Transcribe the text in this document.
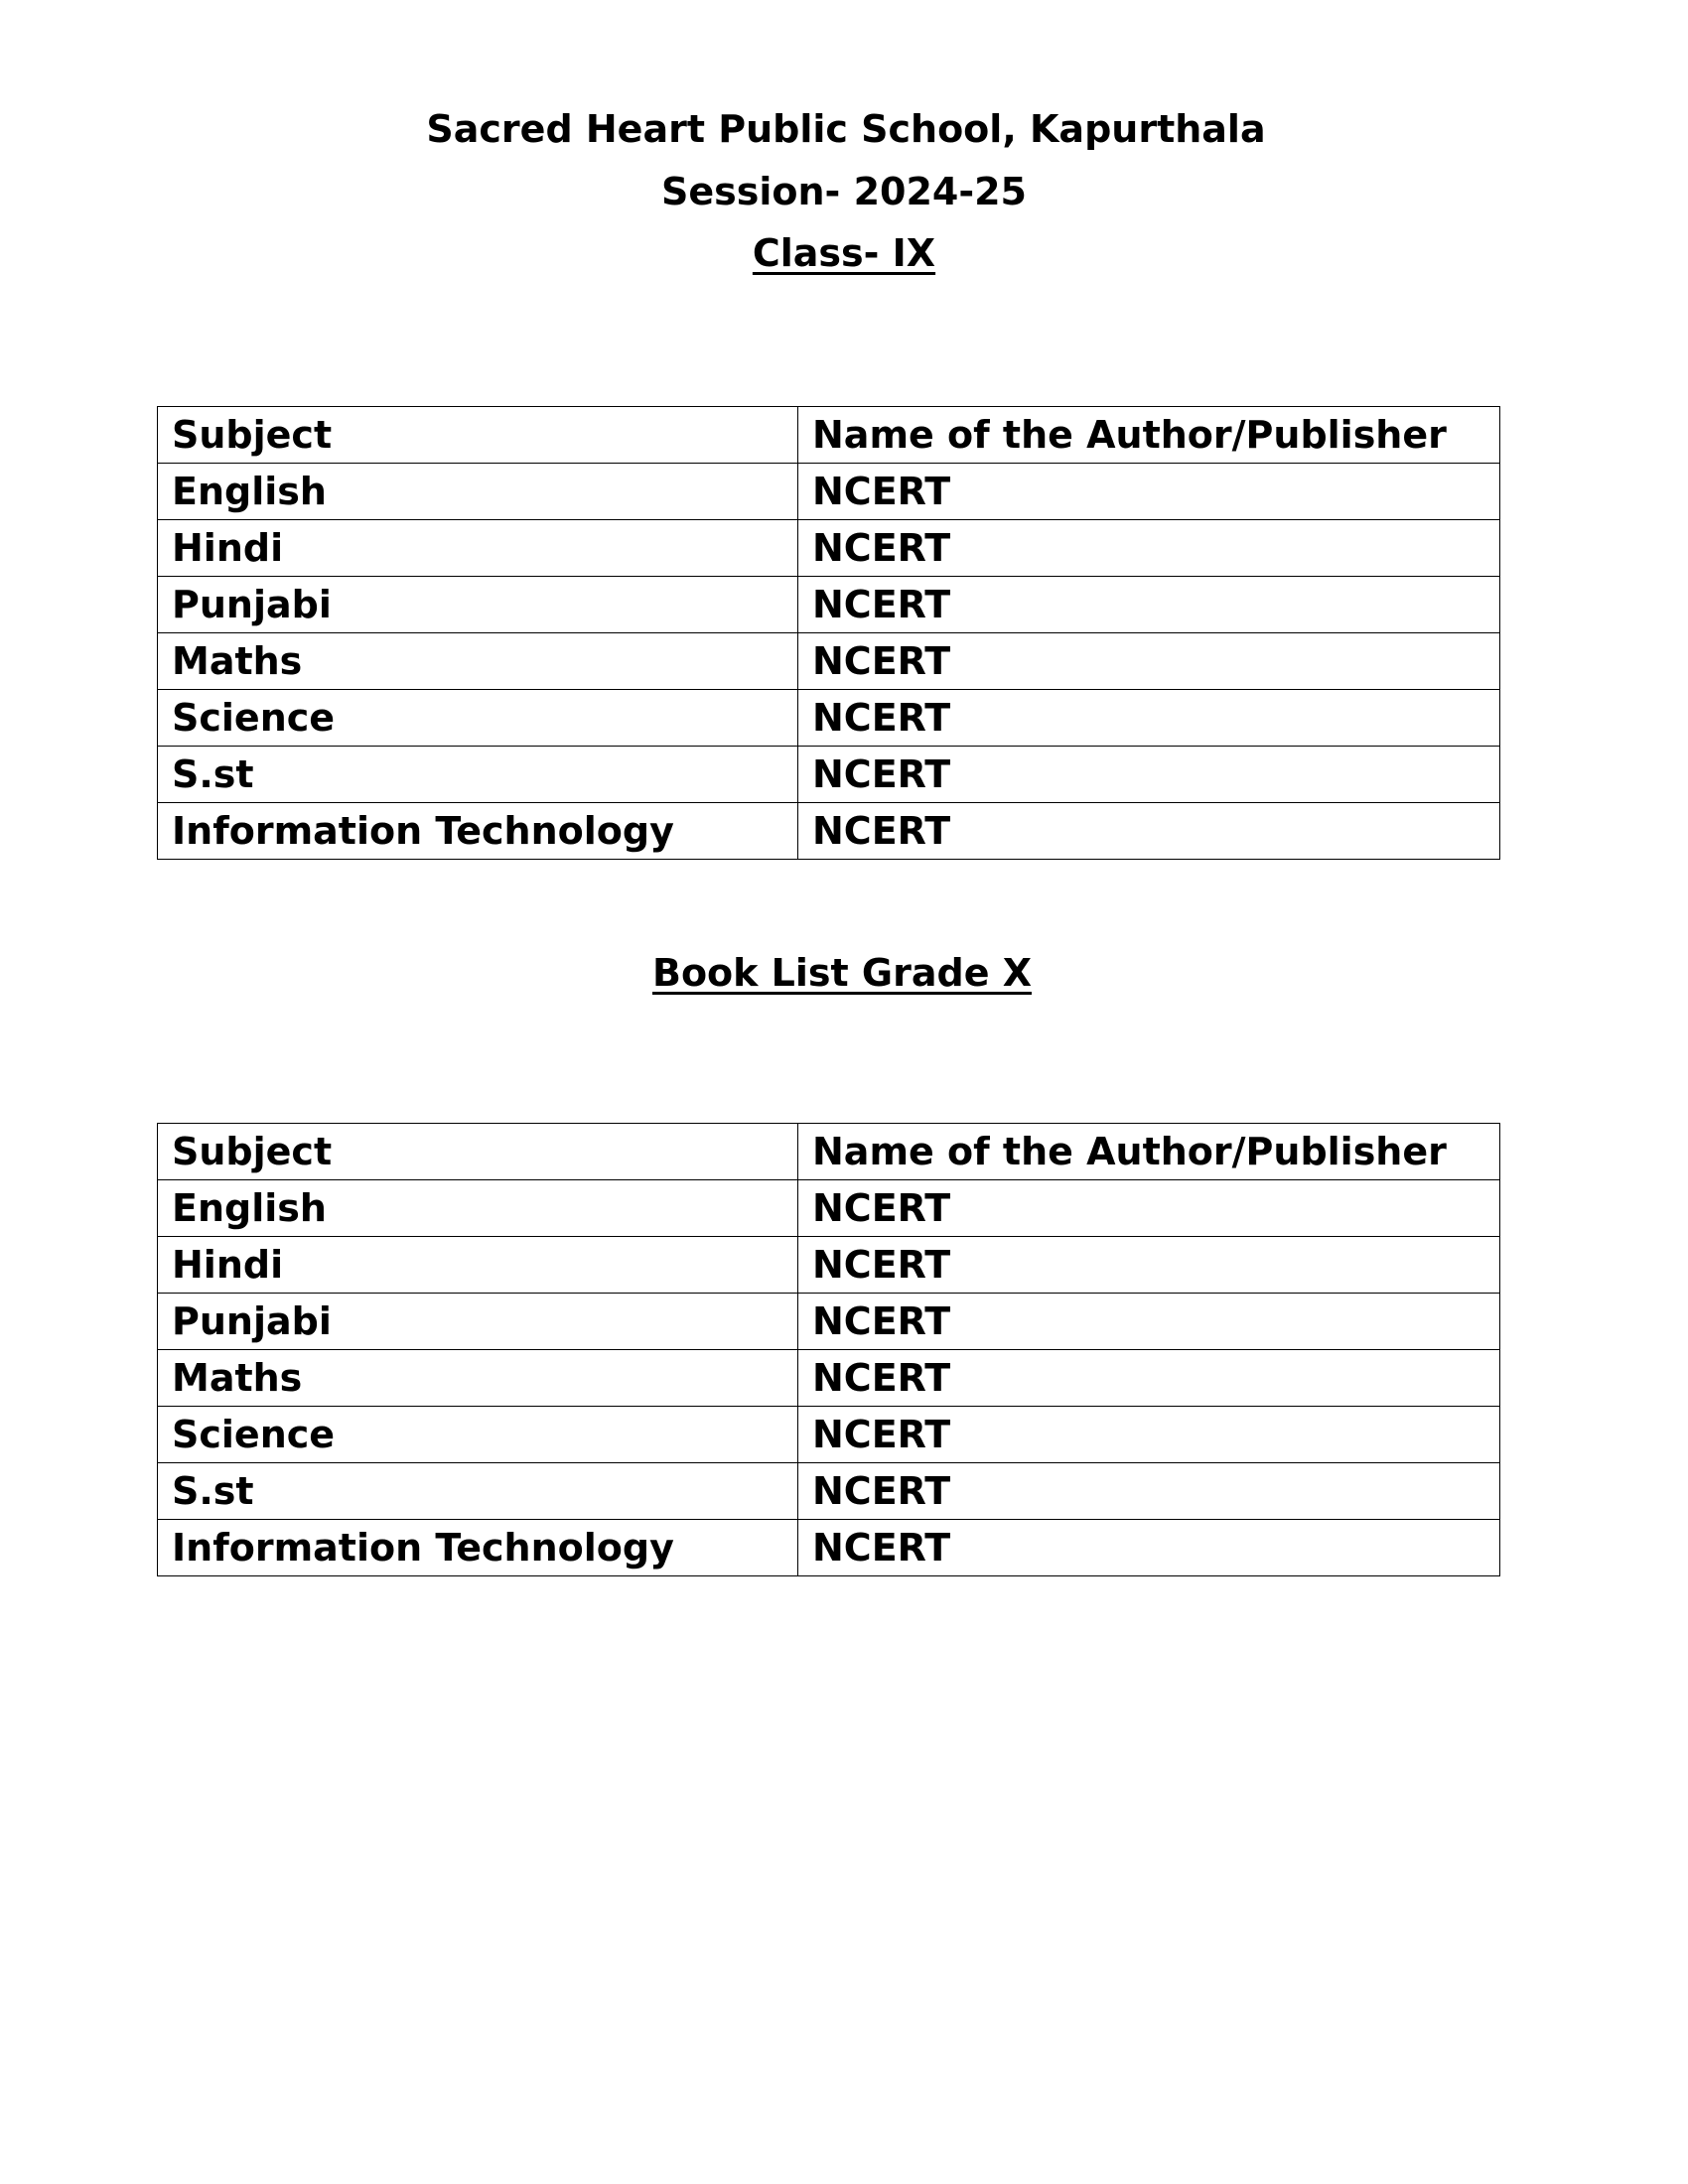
Sacred Heart Public School, Kapurthala

Session- 2024-25

Class- IX

Subject	Name of the Author/Publisher
English	NCERT
Hindi	NCERT
Punjabi	NCERT
Maths	NCERT
Science	NCERT
S.st	NCERT
Information Technology	NCERT

Book List Grade X

Subject	Name of the Author/Publisher
English	NCERT
Hindi	NCERT
Punjabi	NCERT
Maths	NCERT
Science	NCERT
S.st	NCERT
Information Technology	NCERT
